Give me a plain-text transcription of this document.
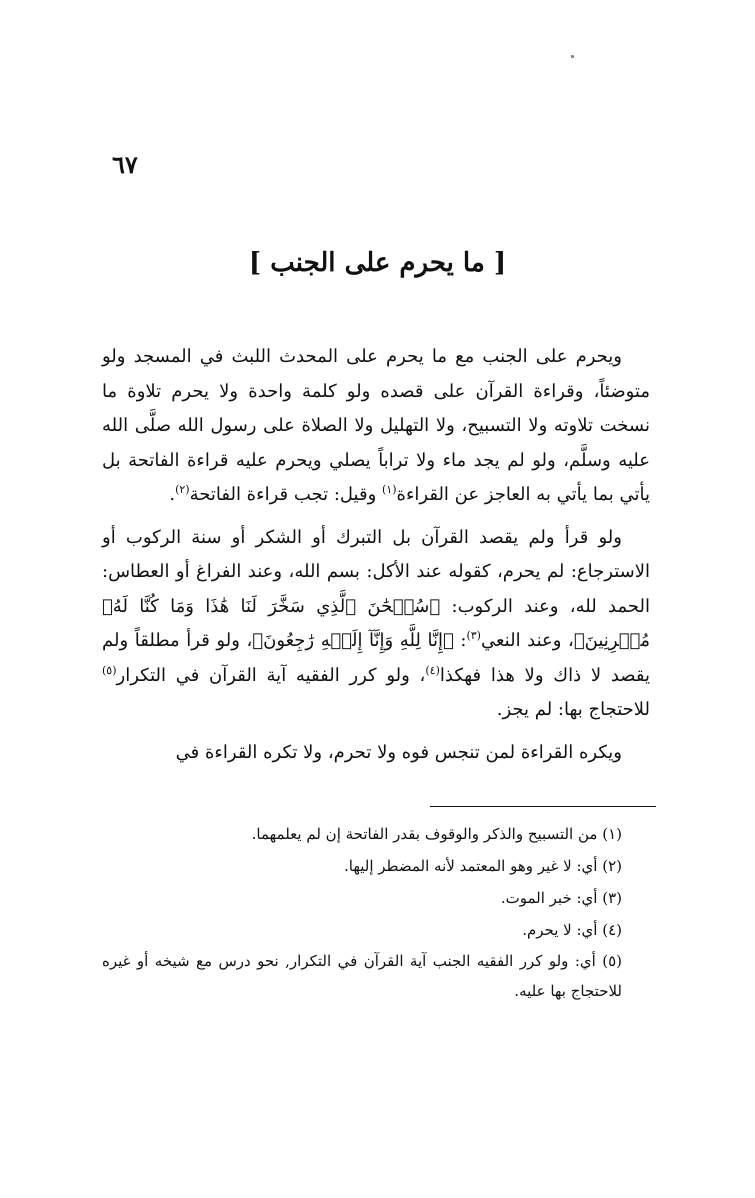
٦٧
[ ما يحرم على الجنب ]

ويحرم على الجنب مع ما يحرم على المحدث اللبث في المسجد ولو متوضئاً، وقراءة القرآن على قصده ولو كلمة واحدة ولا يحرم تلاوة ما نسخت تلاوته ولا التسبيح، ولا التهليل ولا الصلاة على رسول الله صلَّى الله عليه وسلَّم، ولو لم يجد ماء ولا تراباً يصلي ويحرم عليه قراءة الفاتحة بل يأتي بما يأتي به العاجز عن القراءة$^{(١)}$ وقيل: تجب قراءة الفاتحة$^{(٢)}$.

ولو قرأ ولم يقصد القرآن بل التبرك أو الشكر أو سنة الركوب أو الاسترجاع: لم يحرم، كقوله عند الأكل: بسم الله، وعند الفراغ أو العطاس: الحمد لله، وعند الركوب: ﴿سُبۡحَٰنَ ٱلَّذِي سَخَّرَ لَنَا هَٰذَا وَمَا كُنَّا لَهُۥ مُقۡرِنِينَ﴾، وعند النعي$^{(٣)}$: ﴿إِنَّا لِلَّهِ وَإِنَّآ إِلَيۡهِ رَٰجِعُونَ﴾، ولو قرأ مطلقاً ولم يقصد لا ذاك ولا هذا فهكذا$^{(٤)}$، ولو كرر الفقيه آية القرآن في التكرار$^{(٥)}$ للاحتجاج بها: لم يجز.

ويكره القراءة لمن تنجس فوه ولا تحرم، ولا تكره القراءة في

(١) من التسبيح والذكر والوقوف بقدر الفاتحة إن لم يعلمهما.

(٢) أي: لا غير وهو المعتمد لأنه المضطر إليها.

(٣) أي: خبر الموت.

(٤) أي: لا يحرم.

(٥) أي: ولو كرر الفقيه الجنب آية القرآن في التكرار, نحو درس مع شيخه أو غيره للاحتجاج بها عليه.
